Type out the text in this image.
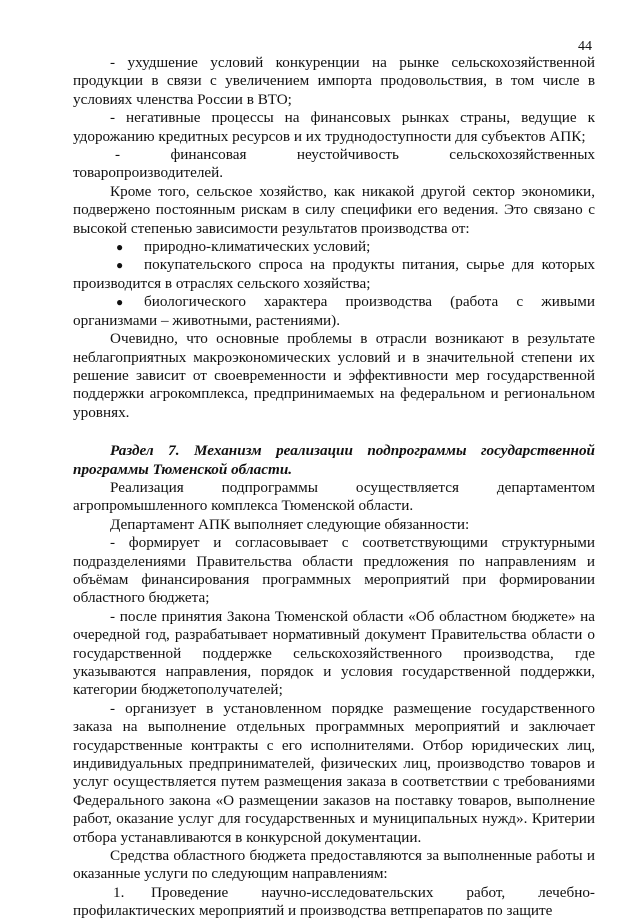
44

- ухудшение условий конкуренции на рынке сельскохозяйственной продукции в связи с увеличением импорта продовольствия, в том числе в условиях членства России в ВТО;

- негативные процессы на финансовых рынках страны, ведущие к удорожанию кредитных ресурсов и их труднодоступности для субъектов АПК;

-	финансовая	неустойчивость	сельскохозяйственных
товаропроизводителей.

Кроме того, сельское хозяйство, как никакой другой сектор экономики, подвержено постоянным рискам в силу специфики его ведения. Это связано с высокой степенью зависимости результатов производства от:

●	природно-климатических условий;

● покупательского спроса на продукты питания, сырье для которых производится в отраслях сельского хозяйства;

● биологического характера производства (работа с живыми организмами – животными, растениями).

Очевидно, что основные проблемы в отрасли возникают в результате неблагоприятных макроэкономических условий и в значительной степени их решение зависит от своевременности и эффективности мер государственной поддержки агрокомплекса, предпринимаемых на федеральном и региональном уровнях.

Раздел 7. Механизм реализации подпрограммы государственной программы Тюменской области.

Реализация подпрограммы осуществляется департаментом агропромышленного комплекса Тюменской области.

Департамент АПК выполняет следующие обязанности:

- формирует и согласовывает с соответствующими структурными подразделениями Правительства области предложения по направлениям и объёмам финансирования программных мероприятий при формировании областного бюджета;

- после принятия Закона Тюменской области «Об областном бюджете» на очередной год, разрабатывает нормативный документ Правительства области о государственной поддержке сельскохозяйственного производства, где указываются направления, порядок и условия государственной поддержки, категории бюджетополучателей;

- организует в установленном порядке размещение государственного заказа на выполнение отдельных программных мероприятий и заключает государственные контракты с его исполнителями. Отбор юридических лиц, индивидуальных предпринимателей, физических лиц, производство товаров и услуг осуществляется путем размещения заказа в соответствии с требованиями Федерального закона «О размещении заказов на поставку товаров, выполнение работ, оказание услуг для государственных и муниципальных нужд». Критерии отбора устанавливаются в конкурсной документации.

Средства областного бюджета предоставляются за выполненные работы и оказанные услуги по следующим направлениям:

1. Проведение научно-исследовательских работ, лечебно-профилактических мероприятий и производства ветпрепаратов по защите
